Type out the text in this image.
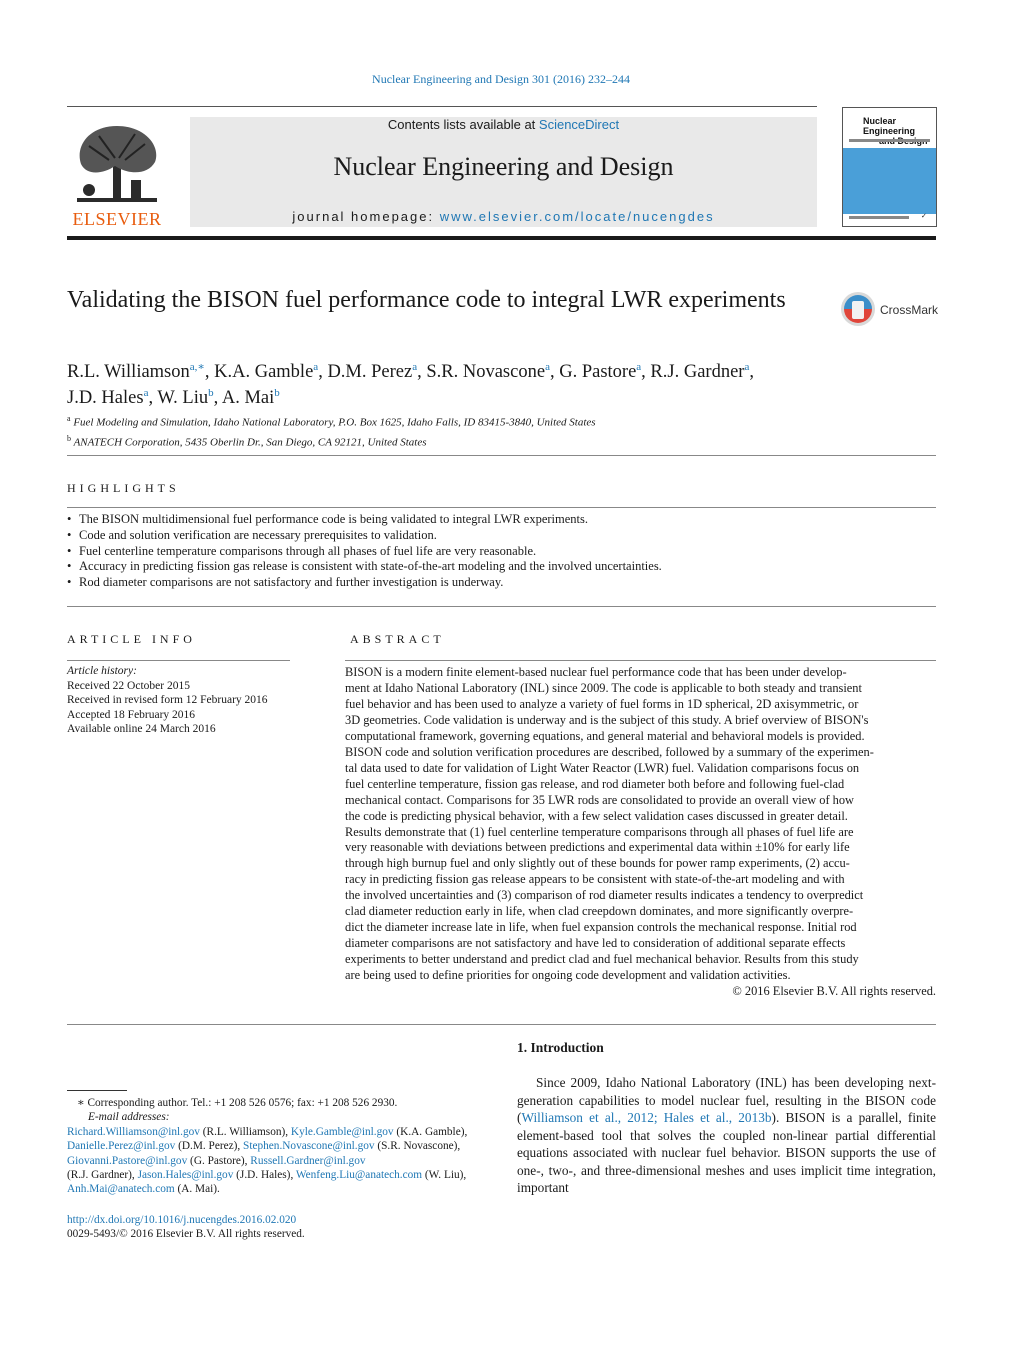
Nuclear Engineering and Design 301 (2016) 232–244
ELSEVIER
Contents lists available at ScienceDirect
Nuclear Engineering and Design
journal homepage: www.elsevier.com/locate/nucengdes
Nuclear Engineering
✓
Validating the BISON fuel performance code to integral LWR experiments	CrossMark
R.L. Williamson$^{a,∗}$, K.A. Gamble$^a$, D.M. Perez$^a$, S.R. Novascone$^a$, G. Pastore$^a$, R.J. Gardner$^a$,
J.D. Hales$^a$, W. Liu$^b$, A. Mai$^b$
$^a$ Fuel Modeling and Simulation, Idaho National Laboratory, P.O. Box 1625, Idaho Falls, ID 83415-3840, United States
$^b$ ANATECH Corporation, 5435 Oberlin Dr., San Diego, CA 92121, United States
HIGHLIGHTS
• The BISON multidimensional fuel performance code is being validated to integral LWR experiments.
• Code and solution verification are necessary prerequisites to validation.
• Fuel centerline temperature comparisons through all phases of fuel life are very reasonable.
• Accuracy in predicting fission gas release is consistent with state-of-the-art modeling and the involved uncertainties.
• Rod diameter comparisons are not satisfactory and further investigation is underway.
ARTICLE INFO	ABSTRACT
Article history:
Received 22 October 2015
Received in revised form 12 February 2016
Accepted 18 February 2016
Available online 24 March 2016
BISON is a modern finite element-based nuclear fuel performance code that has been under develop-
ment at Idaho National Laboratory (INL) since 2009. The code is applicable to both steady and transient
fuel behavior and has been used to analyze a variety of fuel forms in 1D spherical, 2D axisymmetric, or
3D geometries. Code validation is underway and is the subject of this study. A brief overview of BISON's
computational framework, governing equations, and general material and behavioral models is provided.
BISON code and solution verification procedures are described, followed by a summary of the experimen-
tal data used to date for validation of Light Water Reactor (LWR) fuel. Validation comparisons focus on
fuel centerline temperature, fission gas release, and rod diameter both before and following fuel-clad
mechanical contact. Comparisons for 35 LWR rods are consolidated to provide an overall view of how
the code is predicting physical behavior, with a few select validation cases discussed in greater detail.
Results demonstrate that (1) fuel centerline temperature comparisons through all phases of fuel life are
very reasonable with deviations between predictions and experimental data within ±10% for early life
through high burnup fuel and only slightly out of these bounds for power ramp experiments, (2) accu-
racy in predicting fission gas release appears to be consistent with state-of-the-art modeling and with
the involved uncertainties and (3) comparison of rod diameter results indicates a tendency to overpredict
clad diameter reduction early in life, when clad creepdown dominates, and more significantly overpre-
dict the diameter increase late in life, when fuel expansion controls the mechanical response. Initial rod
diameter comparisons are not satisfactory and have led to consideration of additional separate effects
experiments to better understand and predict clad and fuel mechanical behavior. Results from this study
are being used to define priorities for ongoing code development and validation activities.
© 2016 Elsevier B.V. All rights reserved.
∗ Corresponding author. Tel.: +1 208 526 0576; fax: +1 208 526 2930.
E-mail addresses:
Richard.Williamson@inl.gov (R.L. Williamson), Kyle.Gamble@inl.gov (K.A. Gamble),
Danielle.Perez@inl.gov (D.M. Perez), Stephen.Novascone@inl.gov (S.R. Novascone),
Giovanni.Pastore@inl.gov (G. Pastore), Russell.Gardner@inl.gov
(R.J. Gardner), Jason.Hales@inl.gov (J.D. Hales), Wenfeng.Liu@anatech.com (W. Liu),
Anh.Mai@anatech.com (A. Mai).
http://dx.doi.org/10.1016/j.nucengdes.2016.02.020
0029-5493/© 2016 Elsevier B.V. All rights reserved.
1. Introduction
Since 2009, Idaho National Laboratory (INL) has been developing next-generation capabilities to model nuclear fuel, resulting in the BISON code (Williamson et al., 2012; Hales et al., 2013b). BISON is a parallel, finite element-based tool that solves the coupled non-linear partial differential equations associated with nuclear fuel behavior. BISON supports the use of one-, two-, and three-dimensional meshes and uses implicit time integration, important
